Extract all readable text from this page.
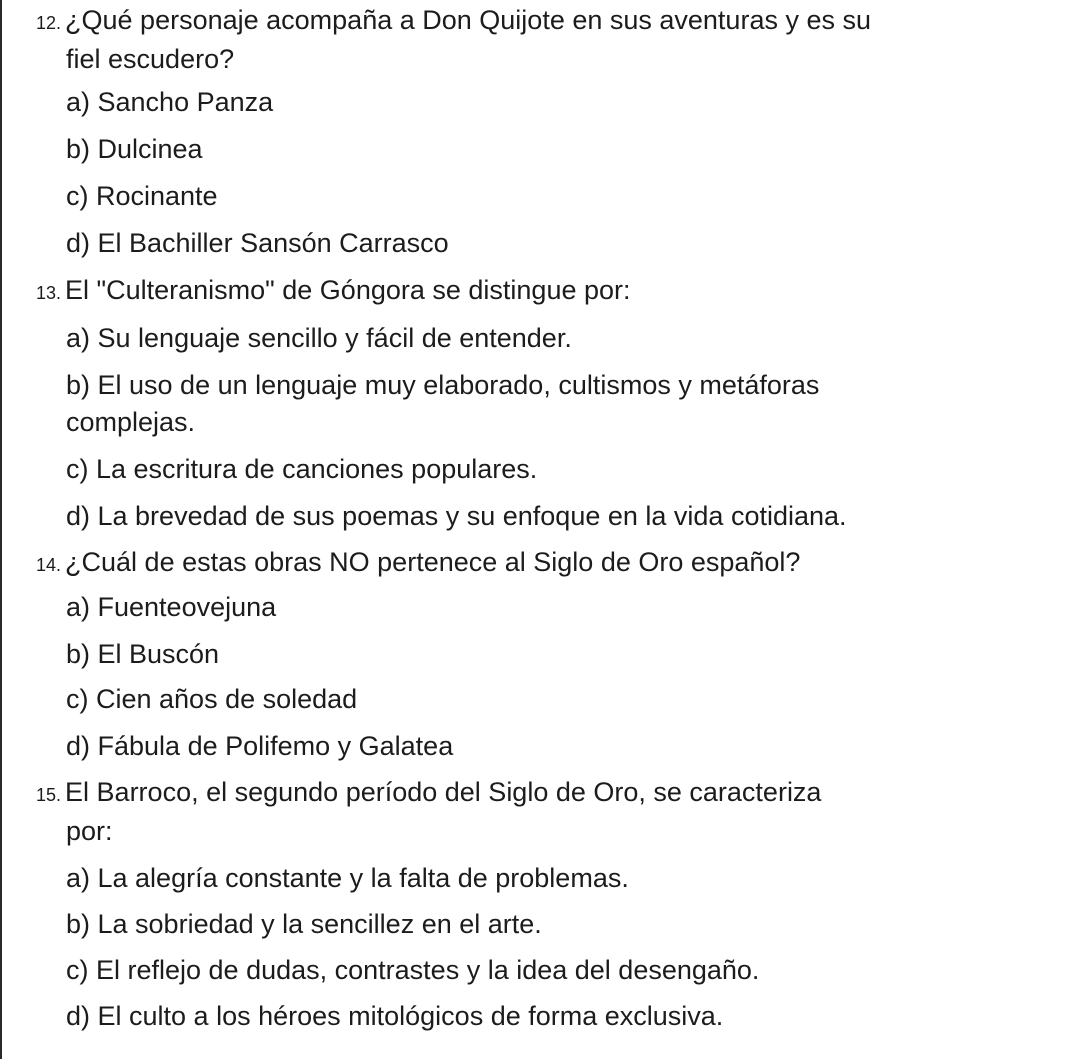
12. ¿Qué personaje acompaña a Don Quijote en sus aventuras y es su
fiel escudero?
a) Sancho Panza
b) Dulcinea
c) Rocinante
d) El Bachiller Sansón Carrasco
13. El "Culteranismo" de Góngora se distingue por:
a) Su lenguaje sencillo y fácil de entender.
b) El uso de un lenguaje muy elaborado, cultismos y metáforas
complejas.
c) La escritura de canciones populares.
d) La brevedad de sus poemas y su enfoque en la vida cotidiana.
14. ¿Cuál de estas obras NO pertenece al Siglo de Oro español?
a) Fuenteovejuna
b) El Buscón
c) Cien años de soledad
d) Fábula de Polifemo y Galatea
15. El Barroco, el segundo período del Siglo de Oro, se caracteriza
por:
a) La alegría constante y la falta de problemas.
b) La sobriedad y la sencillez en el arte.
c) El reflejo de dudas, contrastes y la idea del desengaño.
d) El culto a los héroes mitológicos de forma exclusiva.
